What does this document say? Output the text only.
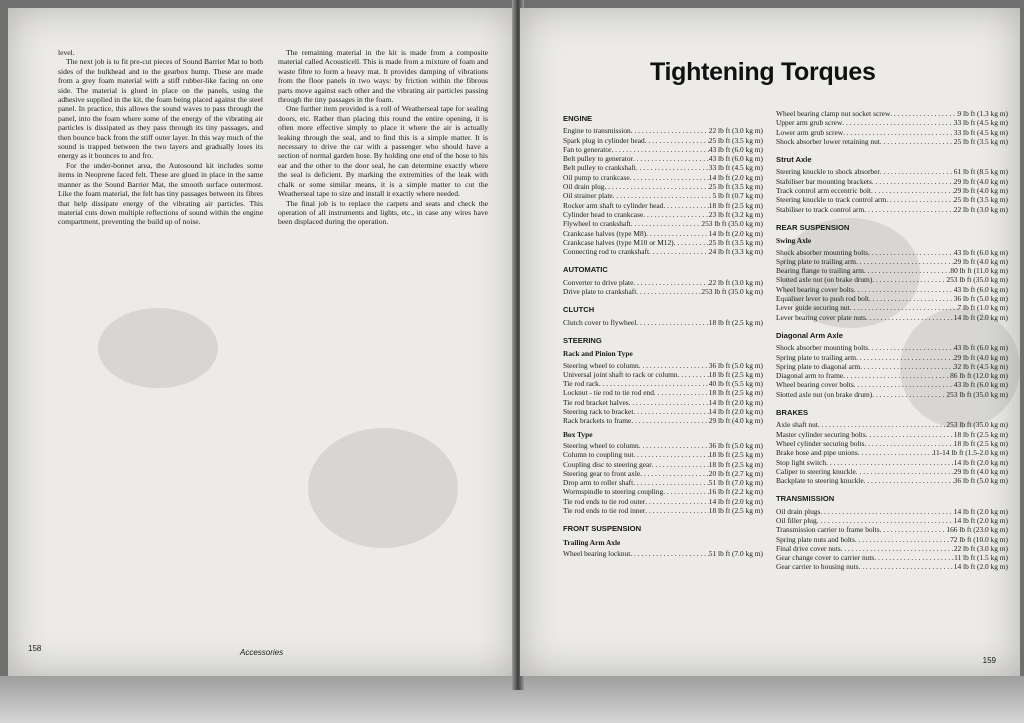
level.

The next job is to fit pre-cut pieces of Sound Barrier Mat to both sides of the bulkhead and to the gearbox hump. These are made from a grey foam material with a stiff rubber-like facing on one side. The material is glued in place on the panels, using the adhesive supplied in the kit, the foam being placed against the steel panel. In practice, this allows the sound waves to pass through the panel, into the foam where some of the energy of the vibrating air particles is dissipated as they pass through its tiny passages, and then bounce back from the stiff outer layer. In this way much of the sound is trapped between the two layers and gradually loses its energy as it bounces to and fro.

For the under-bonnet area, the Autosound kit includes some items in Neoprene faced felt. These are glued in place in the same manner as the Sound Barrier Mat, the smooth surface outermost. Like the foam material, the felt has tiny passages between its fibres that help dissipate energy of the vibrating air particles. This material cuts down multiple reflections of sound within the engine compartment, preventing the build up of noise.

The remaining material in the kit is made from a composite material called Acousticell. This is made from a mixture of foam and waste fibre to form a heavy mat. It provides damping of vibrations from the floor panels in two ways: by friction within the fibrous parts move against each other and the vibrating air particles passing through the tiny passages in the foam.

One further item provided is a roll of Weatherseal tape for sealing doors, etc. Rather than placing this round the entire opening, it is often more effective simply to place it where the air is actually leaking through the seal, and to find this is a simple matter. It is necessary to drive the car with a passenger who should have a section of normal garden hose. By holding one end of the hose to his ear and the other to the door seal, he can determine exactly where the seal is deficient. By marking the extremities of the leak with chalk or some similar means, it is a simple matter to cut the Weatherseal tape to size and install it exactly where needed.

The final job is to replace the carpets and seats and check the operation of all instruments and lights, etc., in case any wires have been displaced during the operation.

158	Accessories
159
Tightening Torques
ENGINE
Engine to transmission . . .	22 lb ft (3.0 kg m)
Spark plug in cylinder head . . .	25 lb ft (3.5 kg m)
Fan to generator . . .	43 lb ft (6.0 kg m)
Belt pulley to generator . . .	43 lb ft (6.0 kg m)
Belt pulley to crankshaft . . .	33 lb ft (4.5 kg m)
Oil pump to crankcase . . .	14 lb ft (2.0 kg m)
Oil drain plug . . .	25 lb ft (3.5 kg m)
Oil strainer plate . . .	5 lb ft (0.7 kg m)
Rocker arm shaft to cylinder head . . .	18 lb ft (2.5 kg m)
Cylinder head to crankcase . . .	23 lb ft (3.2 kg m)
Flywheel to crankshaft . . .	253 lb ft (35.0 kg m)
Crankcase halves (type M8) . . .	14 lb ft (2.0 kg m)
Crankcase halves (type M10 or M12) . . .	25 lb ft (3.5 kg m)
Connecting rod to crankshaft . . .	24 lb ft (3.3 kg m)
AUTOMATIC
Converter to drive plate . . .	22 lb ft (3.0 kg m)
Drive plate to crankshaft . . .	253 lb ft (35.0 kg m)
CLUTCH
Clutch cover to flywheel . . .	18 lb ft (2.5 kg m)
STEERING
Rack and Pinion Type
Steering wheel to column . . .	36 lb ft (5.0 kg m)
Universal joint shaft to rack or column . . .	18 lb ft (2.5 kg m)
Tie rod rack . . .	40 lb ft (5.5 kg m)
Locknut - tie rod to tie rod end . . .	18 lb ft (2.5 kg m)
Tie rod bracket halves . . .	14 lb ft (2.0 kg m)
Steering rack to bracket . . .	14 lb ft (2.0 kg m)
Rack brackets to frame . . .	29 lb ft (4.0 kg m)
Box Type
Steering wheel to column . . .	36 lb ft (5.0 kg m)
Column to coupling nut . . .	18 lb ft (2.5 kg m)
Coupling disc to steering gear . . .	18 lb ft (2.5 kg m)
Steering gear to front axle . . .	20 lb ft (2.7 kg m)
Drop arm to roller shaft . . .	51 lb ft (7.0 kg m)
Wormspindle to steering coupling . . .	16 lb ft (2.2 kg m)
Tie rod ends to tie rod outer . . .	14 lb ft (2.0 kg m)
Tie rod ends to tie rod inner . . .	18 lb ft (2.5 kg m)
FRONT SUSPENSION
Trailing Arm Axle
Wheel bearing locknut . . .	51 lb ft (7.0 kg m)
Wheel bearing clamp nut socket screw . . .	9 lb ft (1.3 kg m)
Upper arm grub screw . . .	33 lb ft (4.5 kg m)
Lower arm grub screw . . .	33 lb ft (4.5 kg m)
Shock absorber lower retaining nut . . .	25 lb ft (3.5 kg m)
Strut Axle
Steering knuckle to shock absorber . . .	61 lb ft (8.5 kg m)
Stabiliser bar mounting brackets . . .	29 lb ft (4.0 kg m)
Track control arm eccentric bolt . . .	29 lb ft (4.0 kg m)
Steering knuckle to track control arm . . .	25 lb ft (3.5 kg m)
Stabiliser to track control arm . . .	22 lb ft (3.0 kg m)
REAR SUSPENSION
Swing Axle
Shock absorber mounting bolts . . .	43 lb ft (6.0 kg m)
Spring plate to trailing arm . . .	29 lb ft (4.0 kg m)
Bearing flange to trailing arm . . .	80 lb ft (11.0 kg m)
Slotted axle nut (on brake drum) . . .	253 lb ft (35.0 kg m)
Wheel bearing cover bolts . . .	43 lb ft (6.0 kg m)
Equaliser lever to push rod bolt . . .	36 lb ft (5.0 kg m)
Lever guide securing nut . . .	7 lb ft (1.0 kg m)
Lever bearing cover plate nuts . . .	14 lb ft (2.0 kg m)
Diagonal Arm Axle
Shock absorber mounting bolts . . .	43 lb ft (6.0 kg m)
Spring plate to trailing arm . . .	29 lb ft (4.0 kg m)
Spring plate to diagonal arm . . .	32 lb ft (4.5 kg m)
Diagonal arm to frame . . .	86 lb ft (12.0 kg m)
Wheel bearing cover bolts . . .	43 lb ft (6.0 kg m)
Slotted axle nut (on brake drum) . . .	253 lb ft (35.0 kg m)
BRAKES
Axle shaft nut . . .	253 lb ft (35.0 kg m)
Master cylinder securing bolts . . .	18 lb ft (2.5 kg m)
Wheel cylinder securing bolts . . .	18 lb ft (2.5 kg m)
Brake hose and pipe unions . . .	11-14 lb ft (1.5-2.0 kg m)
Stop light switch . . .	14 lb ft (2.0 kg m)
Caliper to steering knuckle . . .	29 lb ft (4.0 kg m)
Backplate to steering knuckle . . .	36 lb ft (5.0 kg m)
TRANSMISSION
Oil drain plugs . . .	14 lb ft (2.0 kg m)
Oil filler plug . . .	14 lb ft (2.0 kg m)
Transmission carrier to frame bolts . . .	166 lb ft (23.0 kg m)
Spring plate nuts and bolts . . .	72 lb ft (10.0 kg m)
Final drive cover nuts . . .	22 lb ft (3.0 kg m)
Gear change cover to carrier nuts . . .	11 lb ft (1.5 kg m)
Gear carrier to housing nuts . . .	14 lb ft (2.0 kg m)
